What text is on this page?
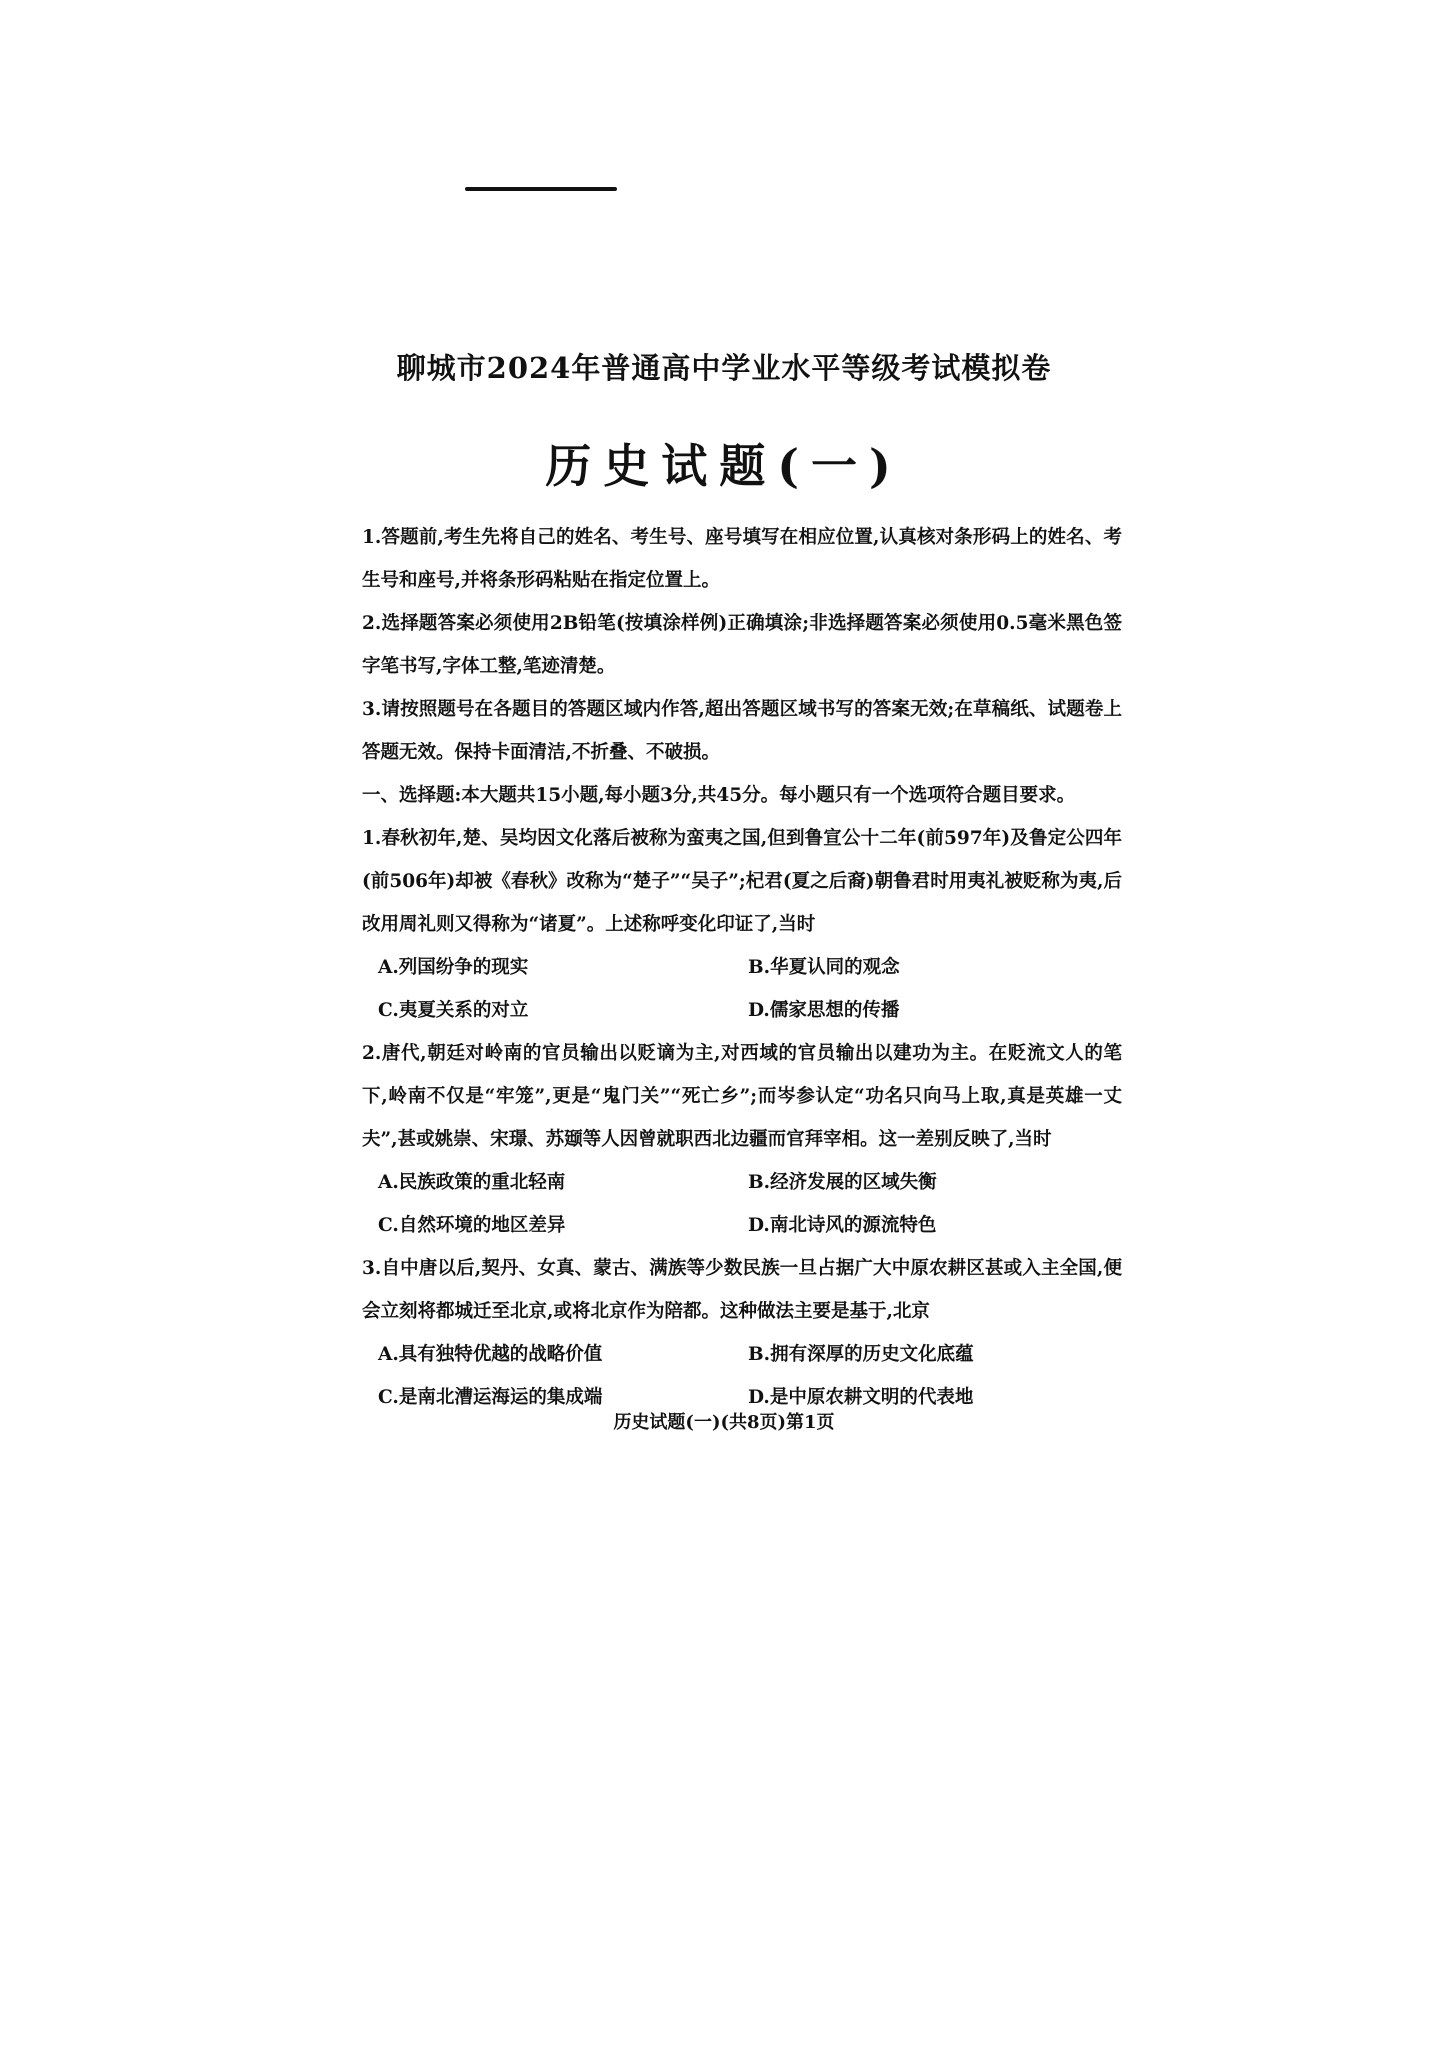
聊城市2024年普通高中学业水平等级考试模拟卷
历史试题(一)

1.答题前,考生先将自己的姓名、考生号、座号填写在相应位置,认真核对条形码上的姓名、考生号和座号,并将条形码粘贴在指定位置上。

2.选择题答案必须使用2B铅笔(按填涂样例)正确填涂;非选择题答案必须使用0.5毫米黑色签字笔书写,字体工整,笔迹清楚。

3.请按照题号在各题目的答题区域内作答,超出答题区域书写的答案无效;在草稿纸、试题卷上答题无效。保持卡面清洁,不折叠、不破损。

一、选择题:本大题共15小题,每小题3分,共45分。每小题只有一个选项符合题目要求。

1.春秋初年,楚、吴均因文化落后被称为蛮夷之国,但到鲁宣公十二年(前597年)及鲁定公四年(前506年)却被《春秋》改称为“楚子”“吴子”;杞君(夏之后裔)朝鲁君时用夷礼被贬称为夷,后改用周礼则又得称为“诸夏”。上述称呼变化印证了,当时

A.列国纷争的现实	B.华夏认同的观念

C.夷夏关系的对立	D.儒家思想的传播

2.唐代,朝廷对岭南的官员输出以贬谪为主,对西域的官员输出以建功为主。在贬流文人的笔下,岭南不仅是“牢笼”,更是“鬼门关”“死亡乡”;而岑参认定“功名只向马上取,真是英雄一丈夫”,甚或姚崇、宋璟、苏颋等人因曾就职西北边疆而官拜宰相。这一差别反映了,当时

A.民族政策的重北轻南	B.经济发展的区域失衡

C.自然环境的地区差异	D.南北诗风的源流特色

3.自中唐以后,契丹、女真、蒙古、满族等少数民族一旦占据广大中原农耕区甚或入主全国,便会立刻将都城迁至北京,或将北京作为陪都。这种做法主要是基于,北京

A.具有独特优越的战略价值	B.拥有深厚的历史文化底蕴

C.是南北漕运海运的集成端	D.是中原农耕文明的代表地

历史试题(一)(共8页)第1页
